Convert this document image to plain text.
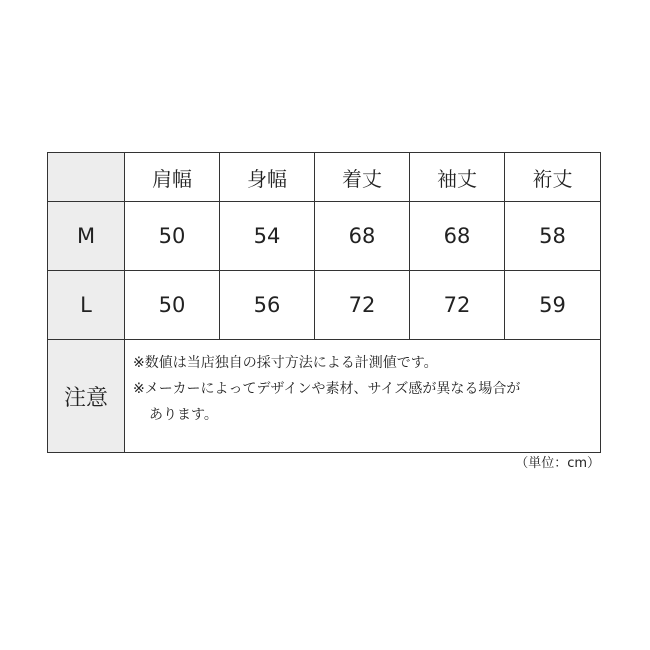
	肩幅	身幅	着丈	袖丈	裄丈
M	50	54	68	68	58
L	50	56	72	72	59
注意	※数値は当店独自の採寸方法による計測値です。
※メーカーによってデザインや素材、サイズ感が異なる場合が
あります。				
（単位：cm）
